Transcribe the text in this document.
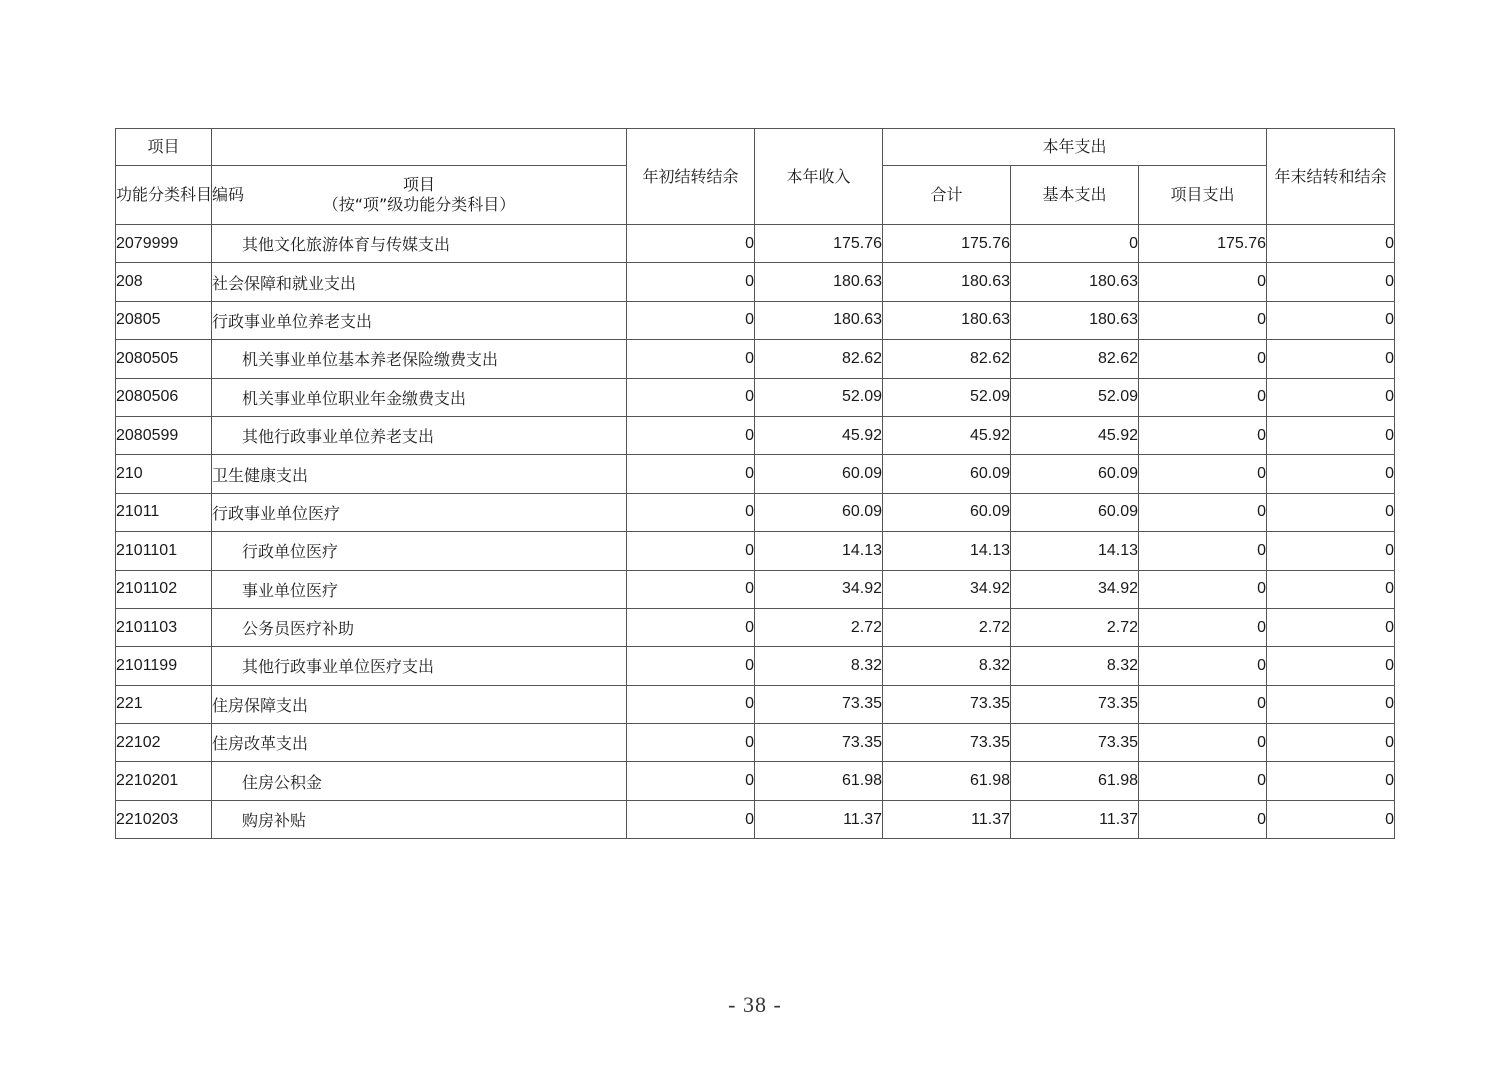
项目		年初结转结余	本年收入	本年支出			年末结转和结余
功能分类科目编码	项目
（按“项”级功能分类科目）			合计	基本支出	项目支出	
2079999	其他文化旅游体育与传媒支出	0	175.76	175.76	0	175.76	0
208	社会保障和就业支出	0	180.63	180.63	180.63	0	0
20805	行政事业单位养老支出	0	180.63	180.63	180.63	0	0
2080505	机关事业单位基本养老保险缴费支出	0	82.62	82.62	82.62	0	0
2080506	机关事业单位职业年金缴费支出	0	52.09	52.09	52.09	0	0
2080599	其他行政事业单位养老支出	0	45.92	45.92	45.92	0	0
210	卫生健康支出	0	60.09	60.09	60.09	0	0
21011	行政事业单位医疗	0	60.09	60.09	60.09	0	0
2101101	行政单位医疗	0	14.13	14.13	14.13	0	0
2101102	事业单位医疗	0	34.92	34.92	34.92	0	0
2101103	公务员医疗补助	0	2.72	2.72	2.72	0	0
2101199	其他行政事业单位医疗支出	0	8.32	8.32	8.32	0	0
221	住房保障支出	0	73.35	73.35	73.35	0	0
22102	住房改革支出	0	73.35	73.35	73.35	0	0
2210201	住房公积金	0	61.98	61.98	61.98	0	0
2210203	购房补贴	0	11.37	11.37	11.37	0	0
- 38 -
